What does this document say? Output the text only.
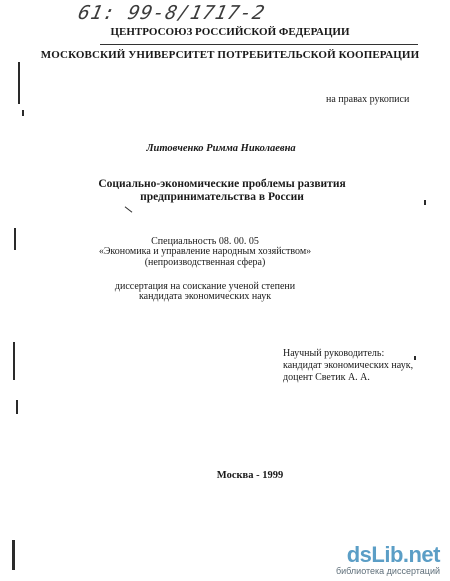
61: 99-8/1717-2
ЦЕНТРОСОЮЗ РОССИЙСКОЙ ФЕДЕРАЦИИ
МОСКОВСКИЙ УНИВЕРСИТЕТ ПОТРЕБИТЕЛЬСКОЙ КООПЕРАЦИИ
на правах рукописи
Литовченко Римма Николаевна
Социально-экономические проблемы развития
предпринимательства в России
Специальность 08. 00. 05
«Экономика и управление народным хозяйством»
(непроизводственная сфера)
диссертация на соискание ученой степени
кандидата экономических наук
Научный руководитель:
кандидат экономических наук,
доцент Светик А. А.
Москва - 1999
dsLib.net
библиотека диссертаций
